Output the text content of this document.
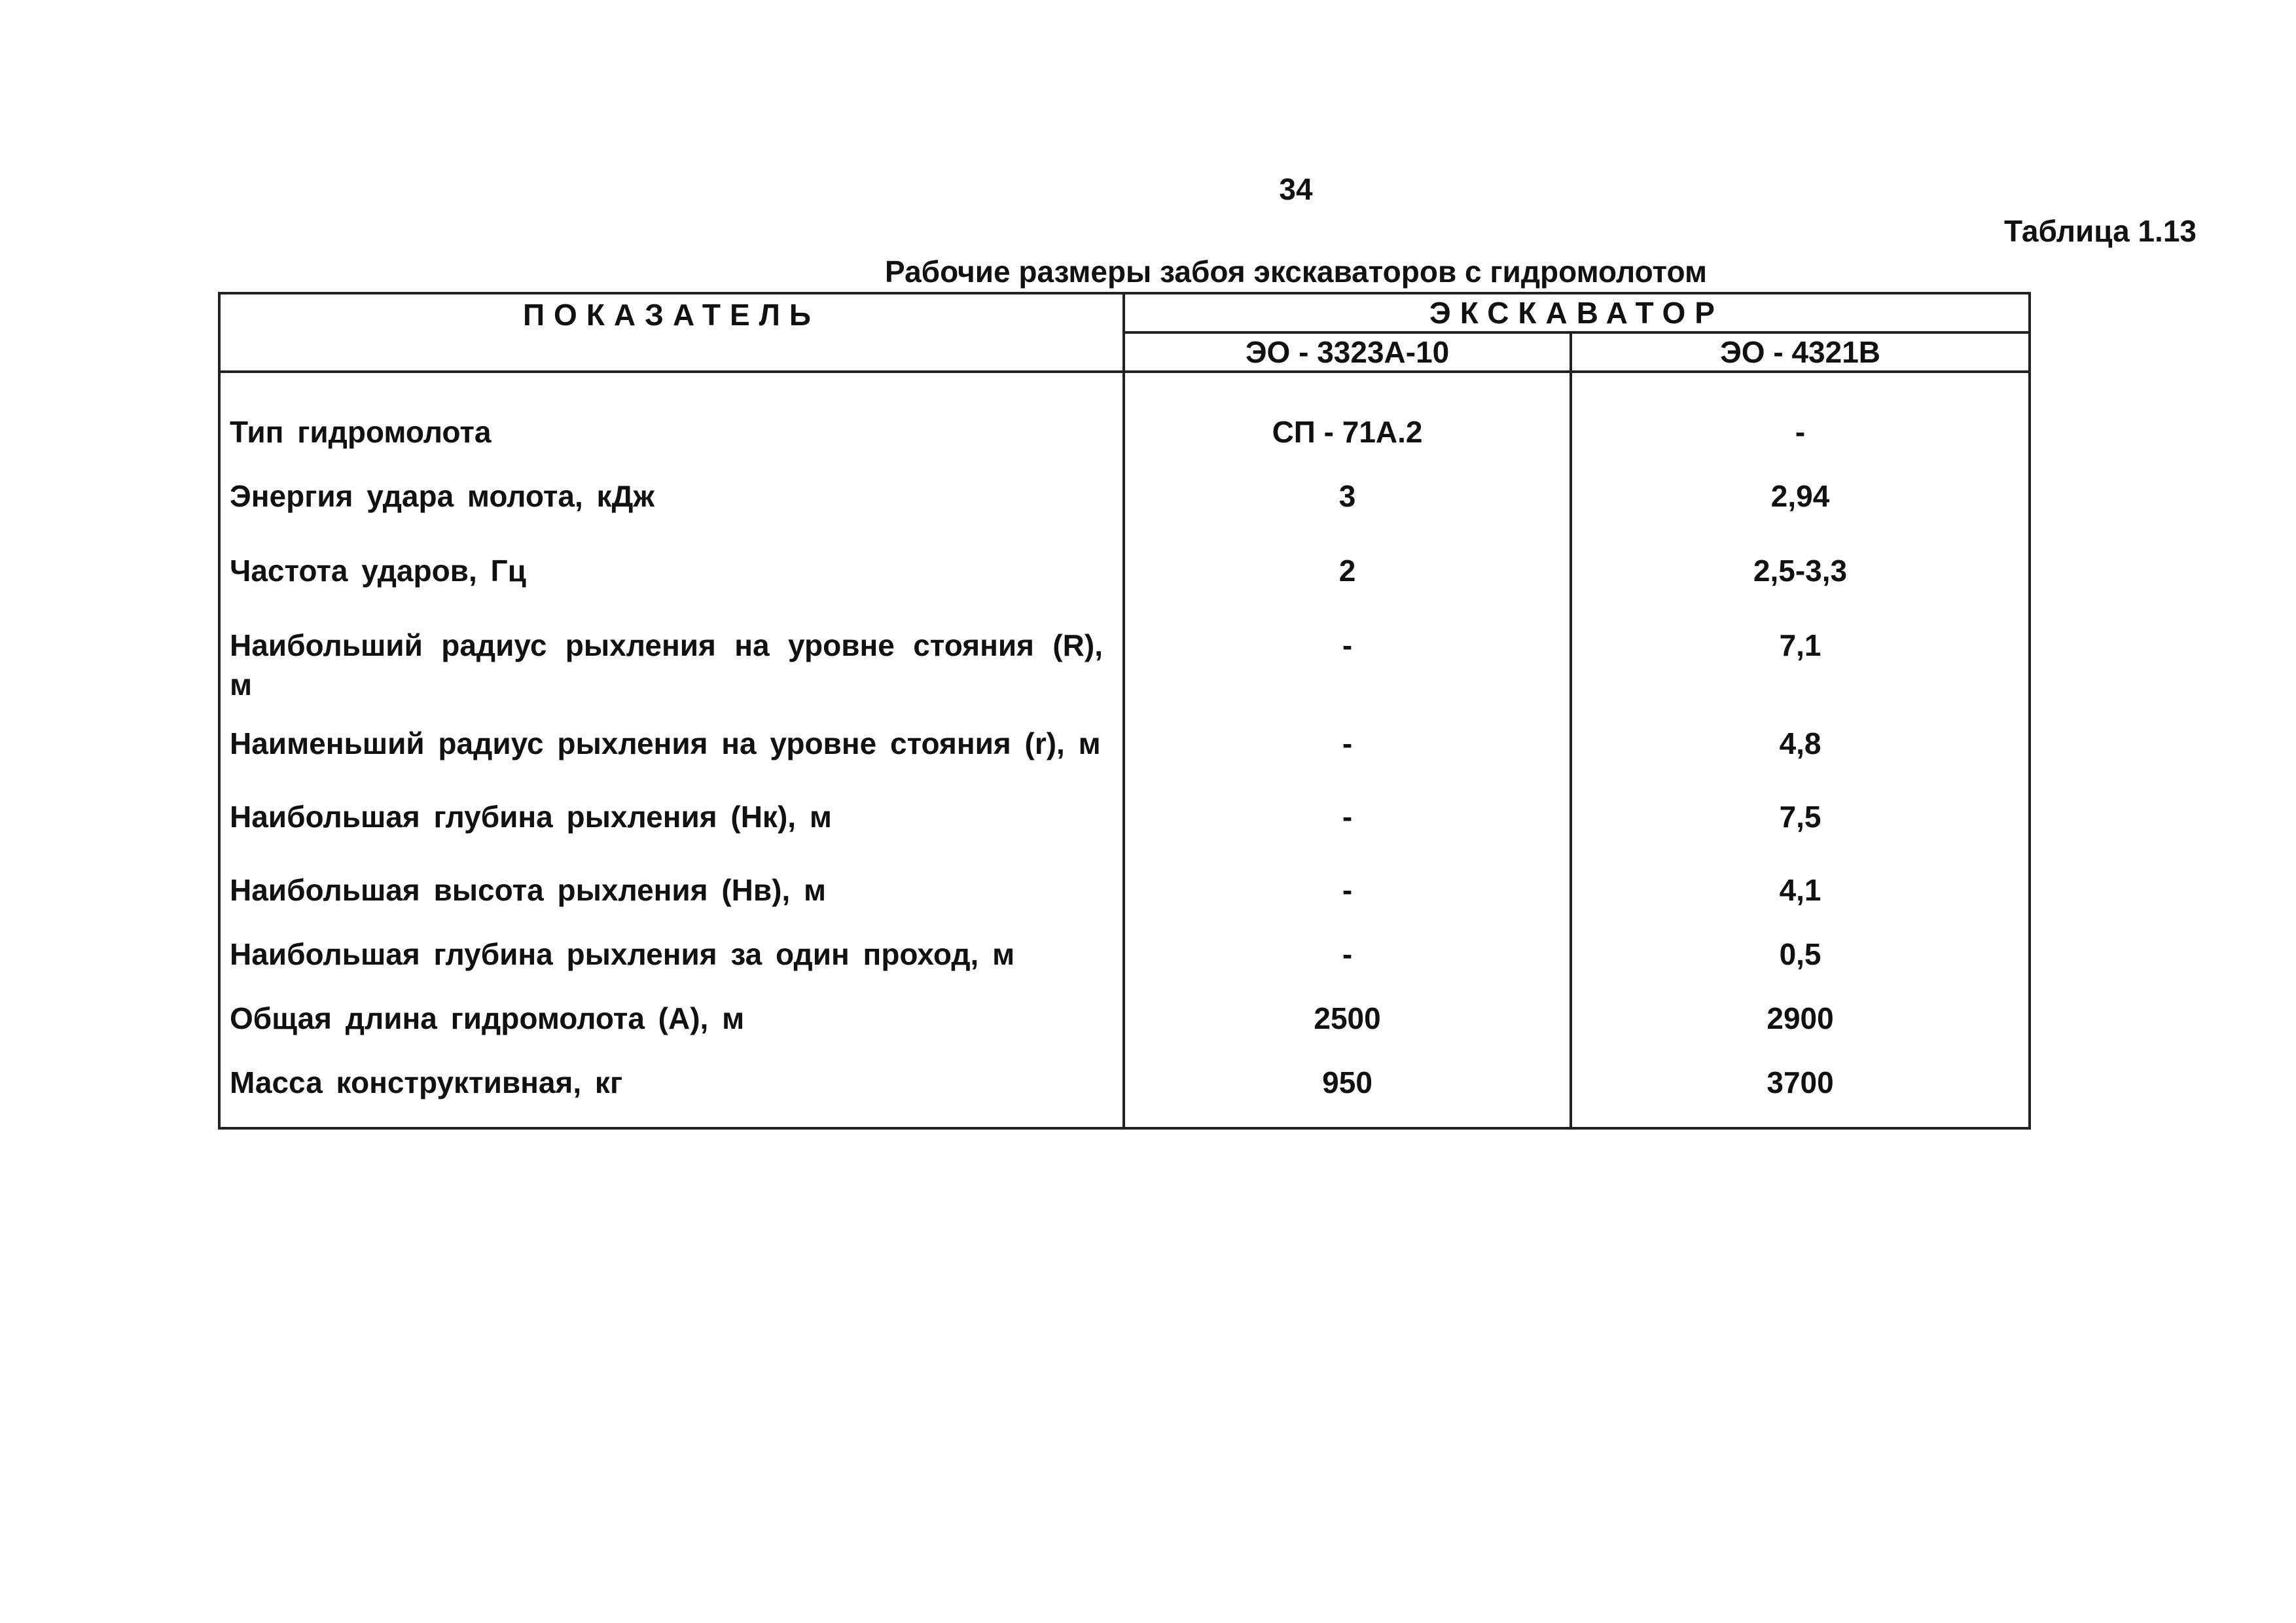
34
Таблица 1.13
Рабочие размеры забоя экскаваторов с гидромолотом
ПОКАЗАТЕЛЬ	ЭКСКАВАТОР	
	ЭО - 3323А-10	ЭО - 4321В

Тип гидромолота	СП - 71А.2	-
Энергия удара молота, кДж	3	2,94
Частота ударов, Гц	2	2,5-3,3
Наибольший радиус рыхления на уровне стояния (R), м	-	7,1
Наименьший радиус рыхления на уровне стояния (r), м	-	4,8
Наибольшая глубина рыхления (Нк), м	-	7,5
Наибольшая высота рыхления (Нв), м	-	4,1
Наибольшая глубина рыхления за один проход, м	-	0,5
Общая длина гидромолота (А), м	2500	2900
Масса конструктивная, кг	950	3700
